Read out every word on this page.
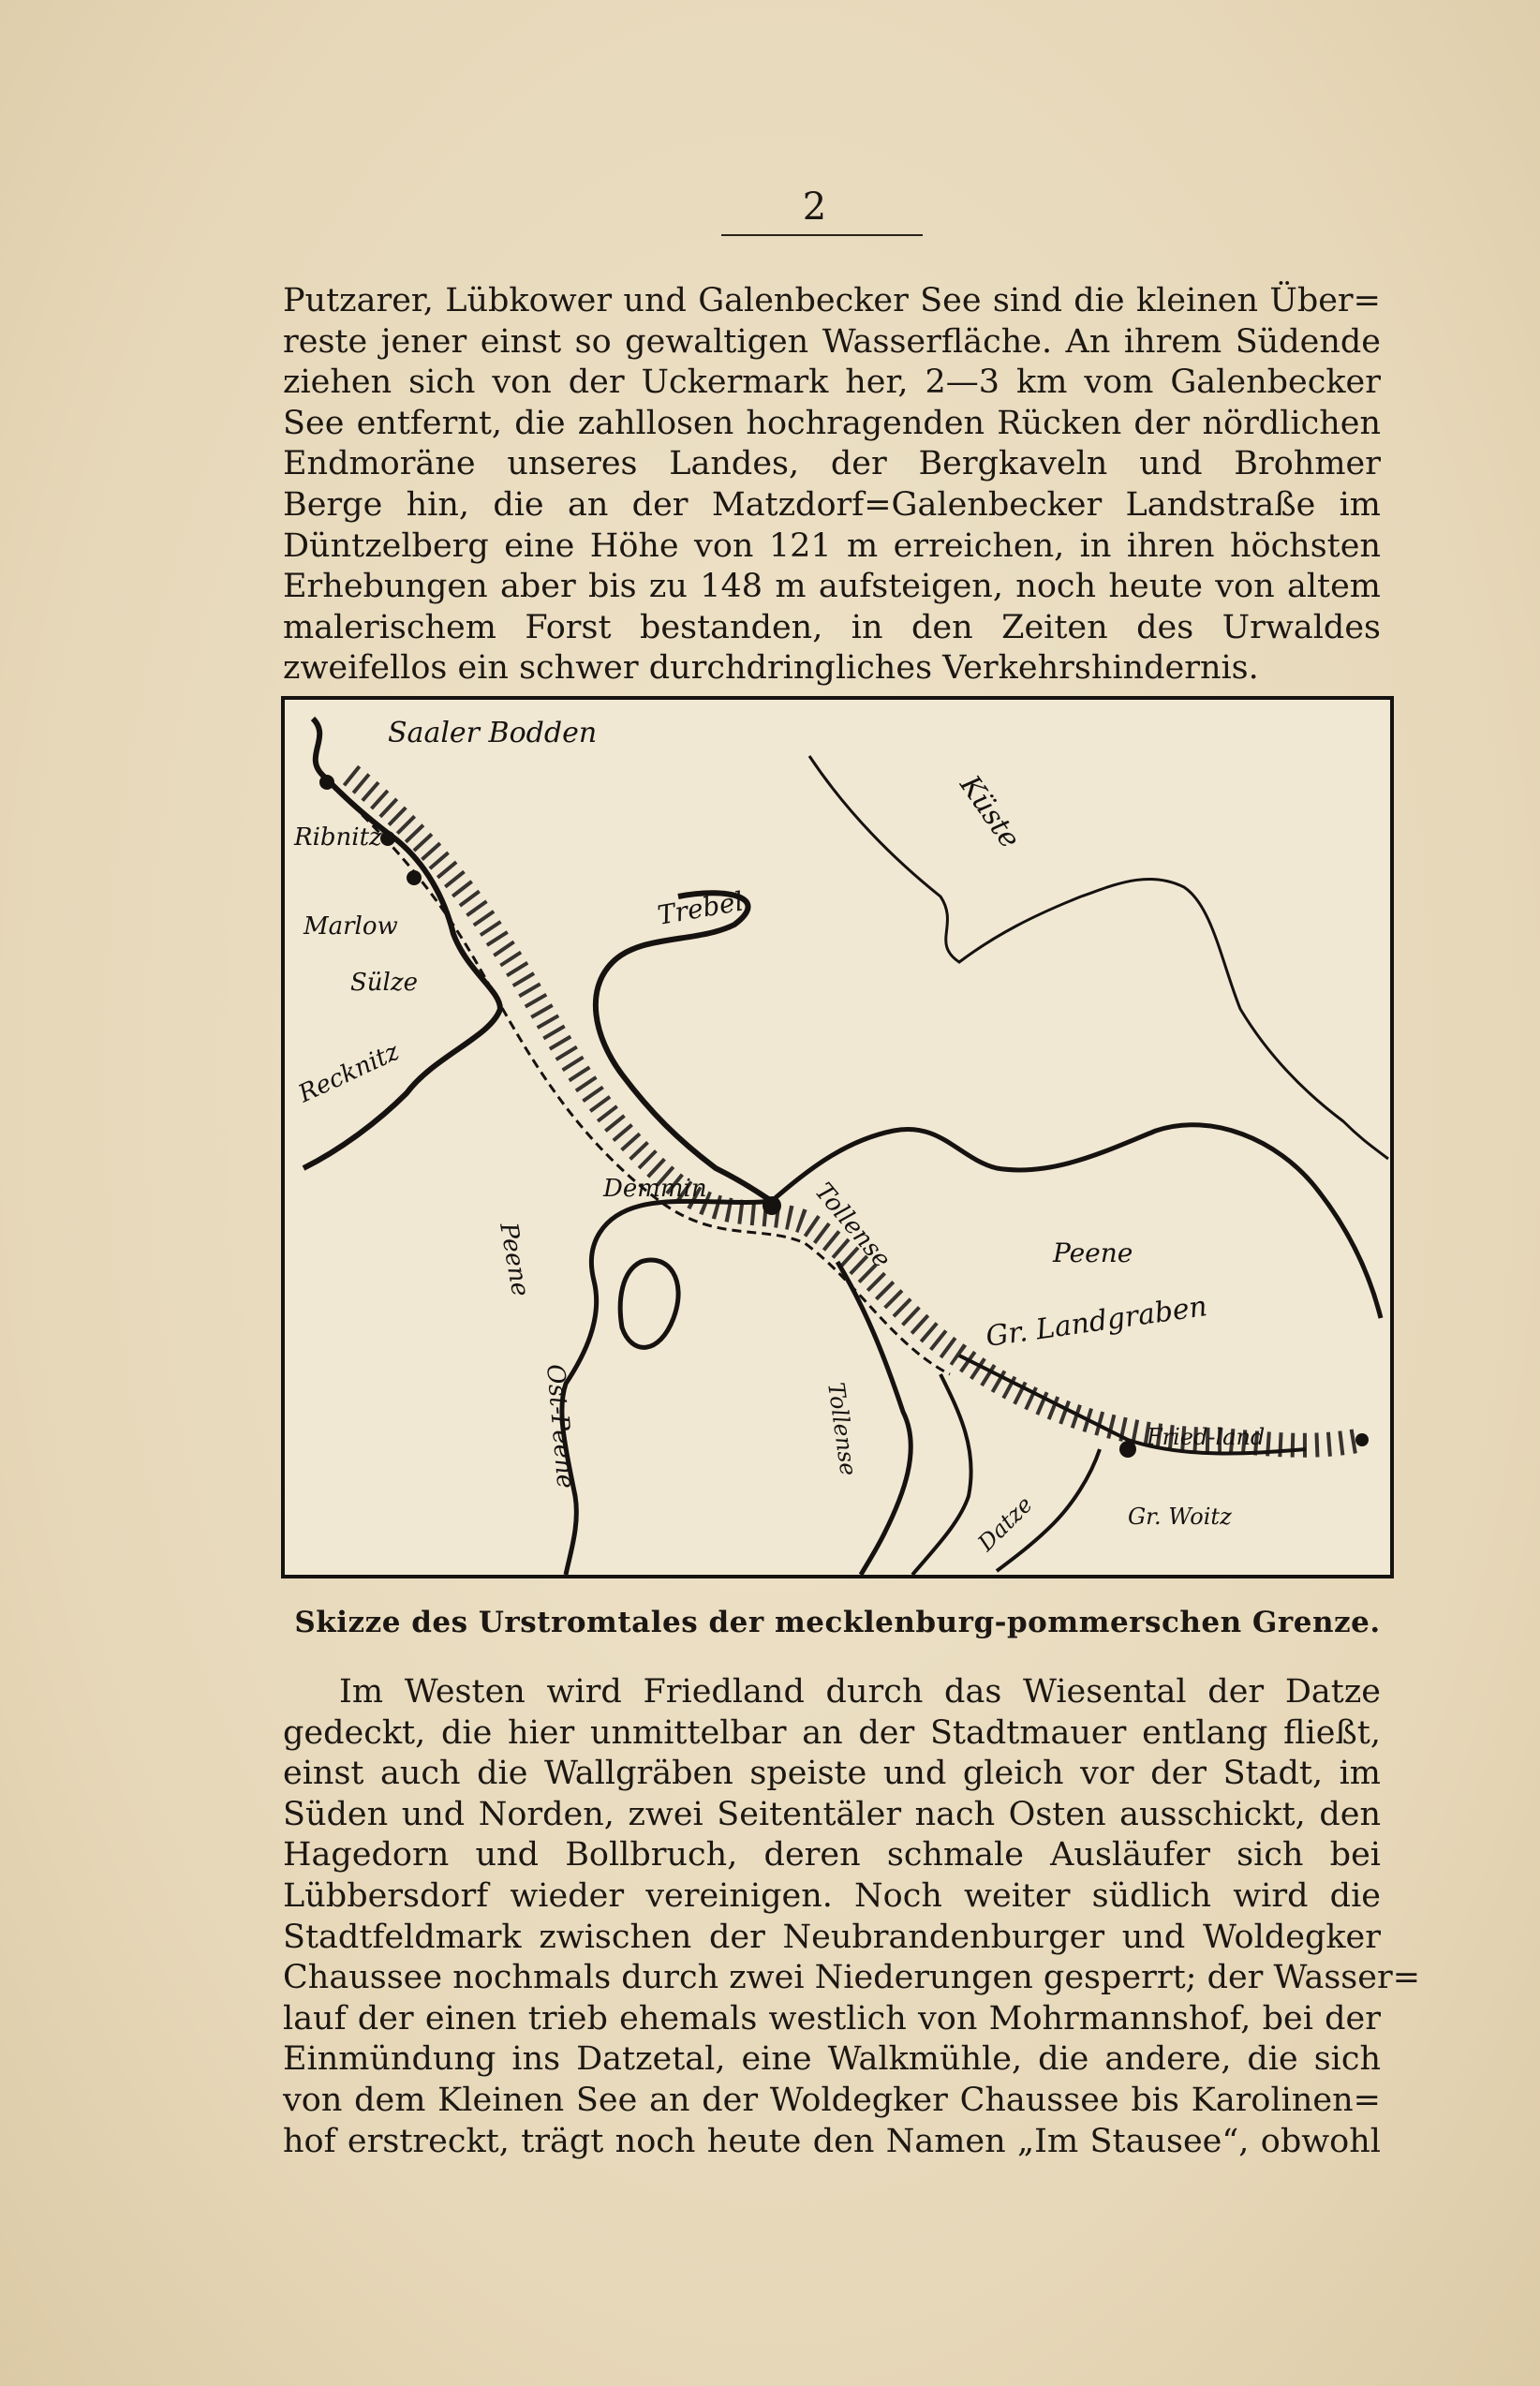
2
Putzarer, Lübkower und Galenbecker See sind die kleinen Über=
reste jener einst so gewaltigen Wasserfläche. An ihrem Südende
ziehen sich von der Uckermark her, 2—3 km vom Galenbecker
See entfernt, die zahllosen hochragenden Rücken der nördlichen
Endmoräne unseres Landes, der Bergkaveln und Brohmer
Berge hin, die an der Matzdorf=Galenbecker Landstraße im
Düntzelberg eine Höhe von 121 m erreichen, in ihren höchsten
Erhebungen aber bis zu 148 m aufsteigen, noch heute von altem
malerischem Forst bestanden, in den Zeiten des Urwaldes
zweifellos ein schwer durchdringliches Verkehrshindernis.
Saaler Bodden
Ribnitz
Marlow
Sülze
Recknitz
Küste
Trebel
Demmin	Tollense	Peene
Peene
Ost-Peene	Tollense
Gr. Landgraben
Datze
Fried-land
Gr. Woitz
Skizze des Urstromtales der mecklenburg-pommerschen Grenze.
Im Westen wird Friedland durch das Wiesental der Datze
gedeckt, die hier unmittelbar an der Stadtmauer entlang fließt,
einst auch die Wallgräben speiste und gleich vor der Stadt, im
Süden und Norden, zwei Seitentäler nach Osten ausschickt, den
Hagedorn und Bollbruch, deren schmale Ausläufer sich bei
Lübbersdorf wieder vereinigen. Noch weiter südlich wird die
Stadtfeldmark zwischen der Neubrandenburger und Woldegker
Chaussee nochmals durch zwei Niederungen gesperrt; der Wasser=
lauf der einen trieb ehemals westlich von Mohrmannshof, bei der
Einmündung ins Datzetal, eine Walkmühle, die andere, die sich
von dem Kleinen See an der Woldegker Chaussee bis Karolinen=
hof erstreckt, trägt noch heute den Namen „Im Stausee“, obwohl
